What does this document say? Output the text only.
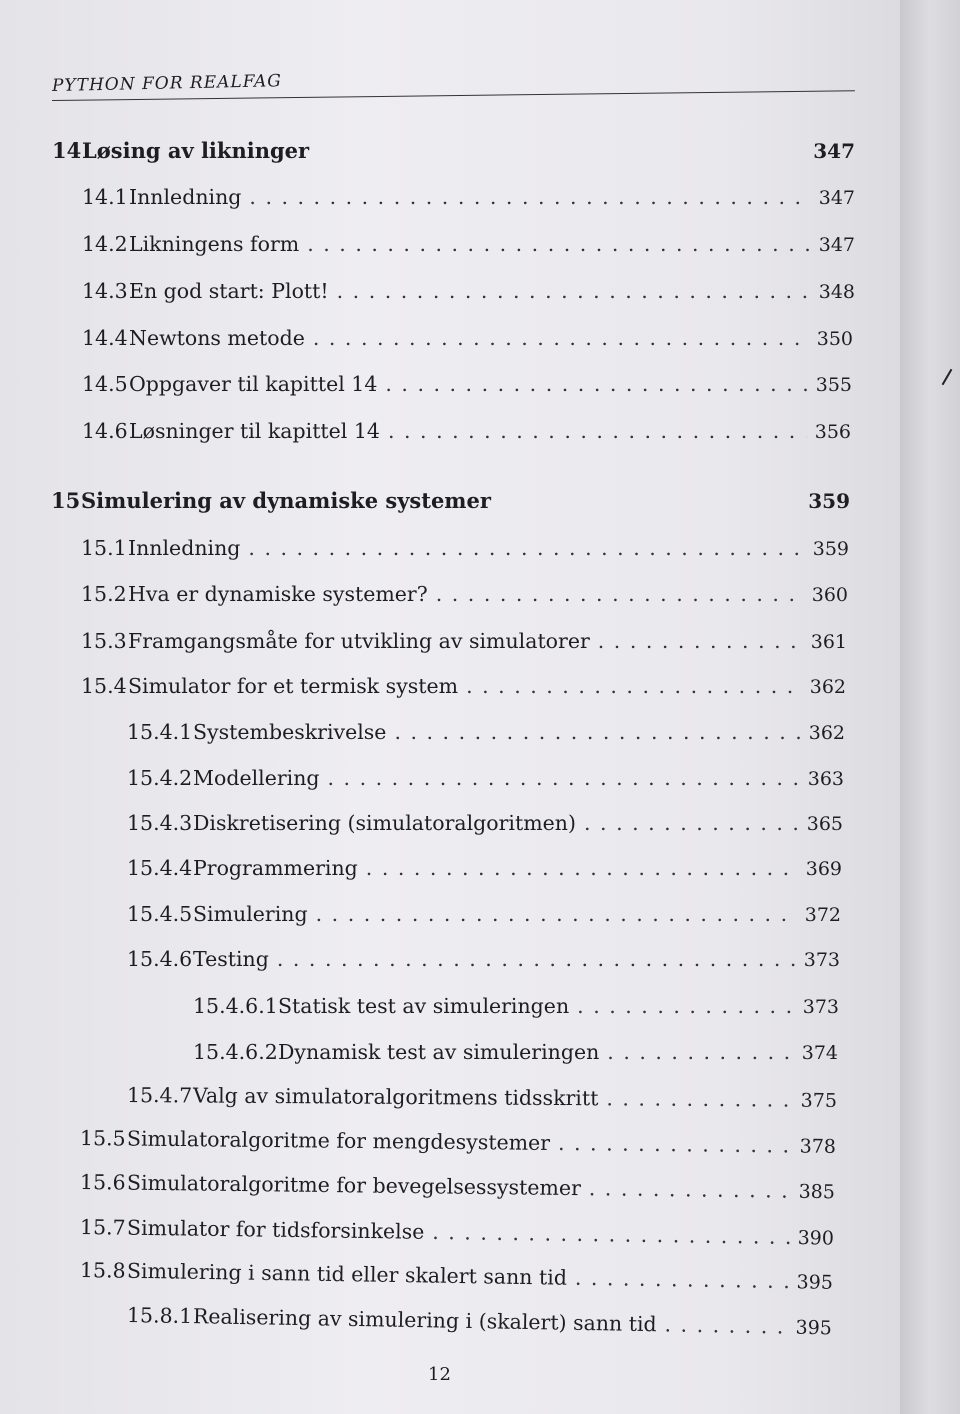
PYTHON FOR REALFAG
14 Løsing av likninger	347
14.1 Innledning . . .	347
14.2 Likningens form . . .	347
14.3 En god start: Plott! . . .	348
14.4 Newtons metode . . .	350
14.5 Oppgaver til kapittel 14 . . .	355
14.6 Løsninger til kapittel 14 . . .	356
15 Simulering av dynamiske systemer	359
15.1 Innledning . . .	359
15.2 Hva er dynamiske systemer? . . .	360
15.3 Framgangsmåte for utvikling av simulatorer . . .	361
15.4 Simulator for et termisk system . . .	362
15.4.1 Systembeskrivelse . . .	362
15.4.2 Modellering . . .	363
15.4.3 Diskretisering (simulatoralgoritmen) . . .	365
15.4.4 Programmering . . .	369
15.4.5 Simulering . . .	372
15.4.6 Testing . . .	373
15.4.6.1 Statisk test av simuleringen . . .	373
15.4.6.2 Dynamisk test av simuleringen . . .	374
15.4.7 Valg av simulatoralgoritmens tidsskritt . . .	375
15.5 Simulatoralgoritme for mengdesystemer . . .	378
15.6 Simulatoralgoritme for bevegelsessystemer . . .	385
15.7 Simulator for tidsforsinkelse . . .	390
15.8 Simulering i sann tid eller skalert sann tid . . .	395
15.8.1 Realisering av simulering i (skalert) sann tid . . .	395
12
